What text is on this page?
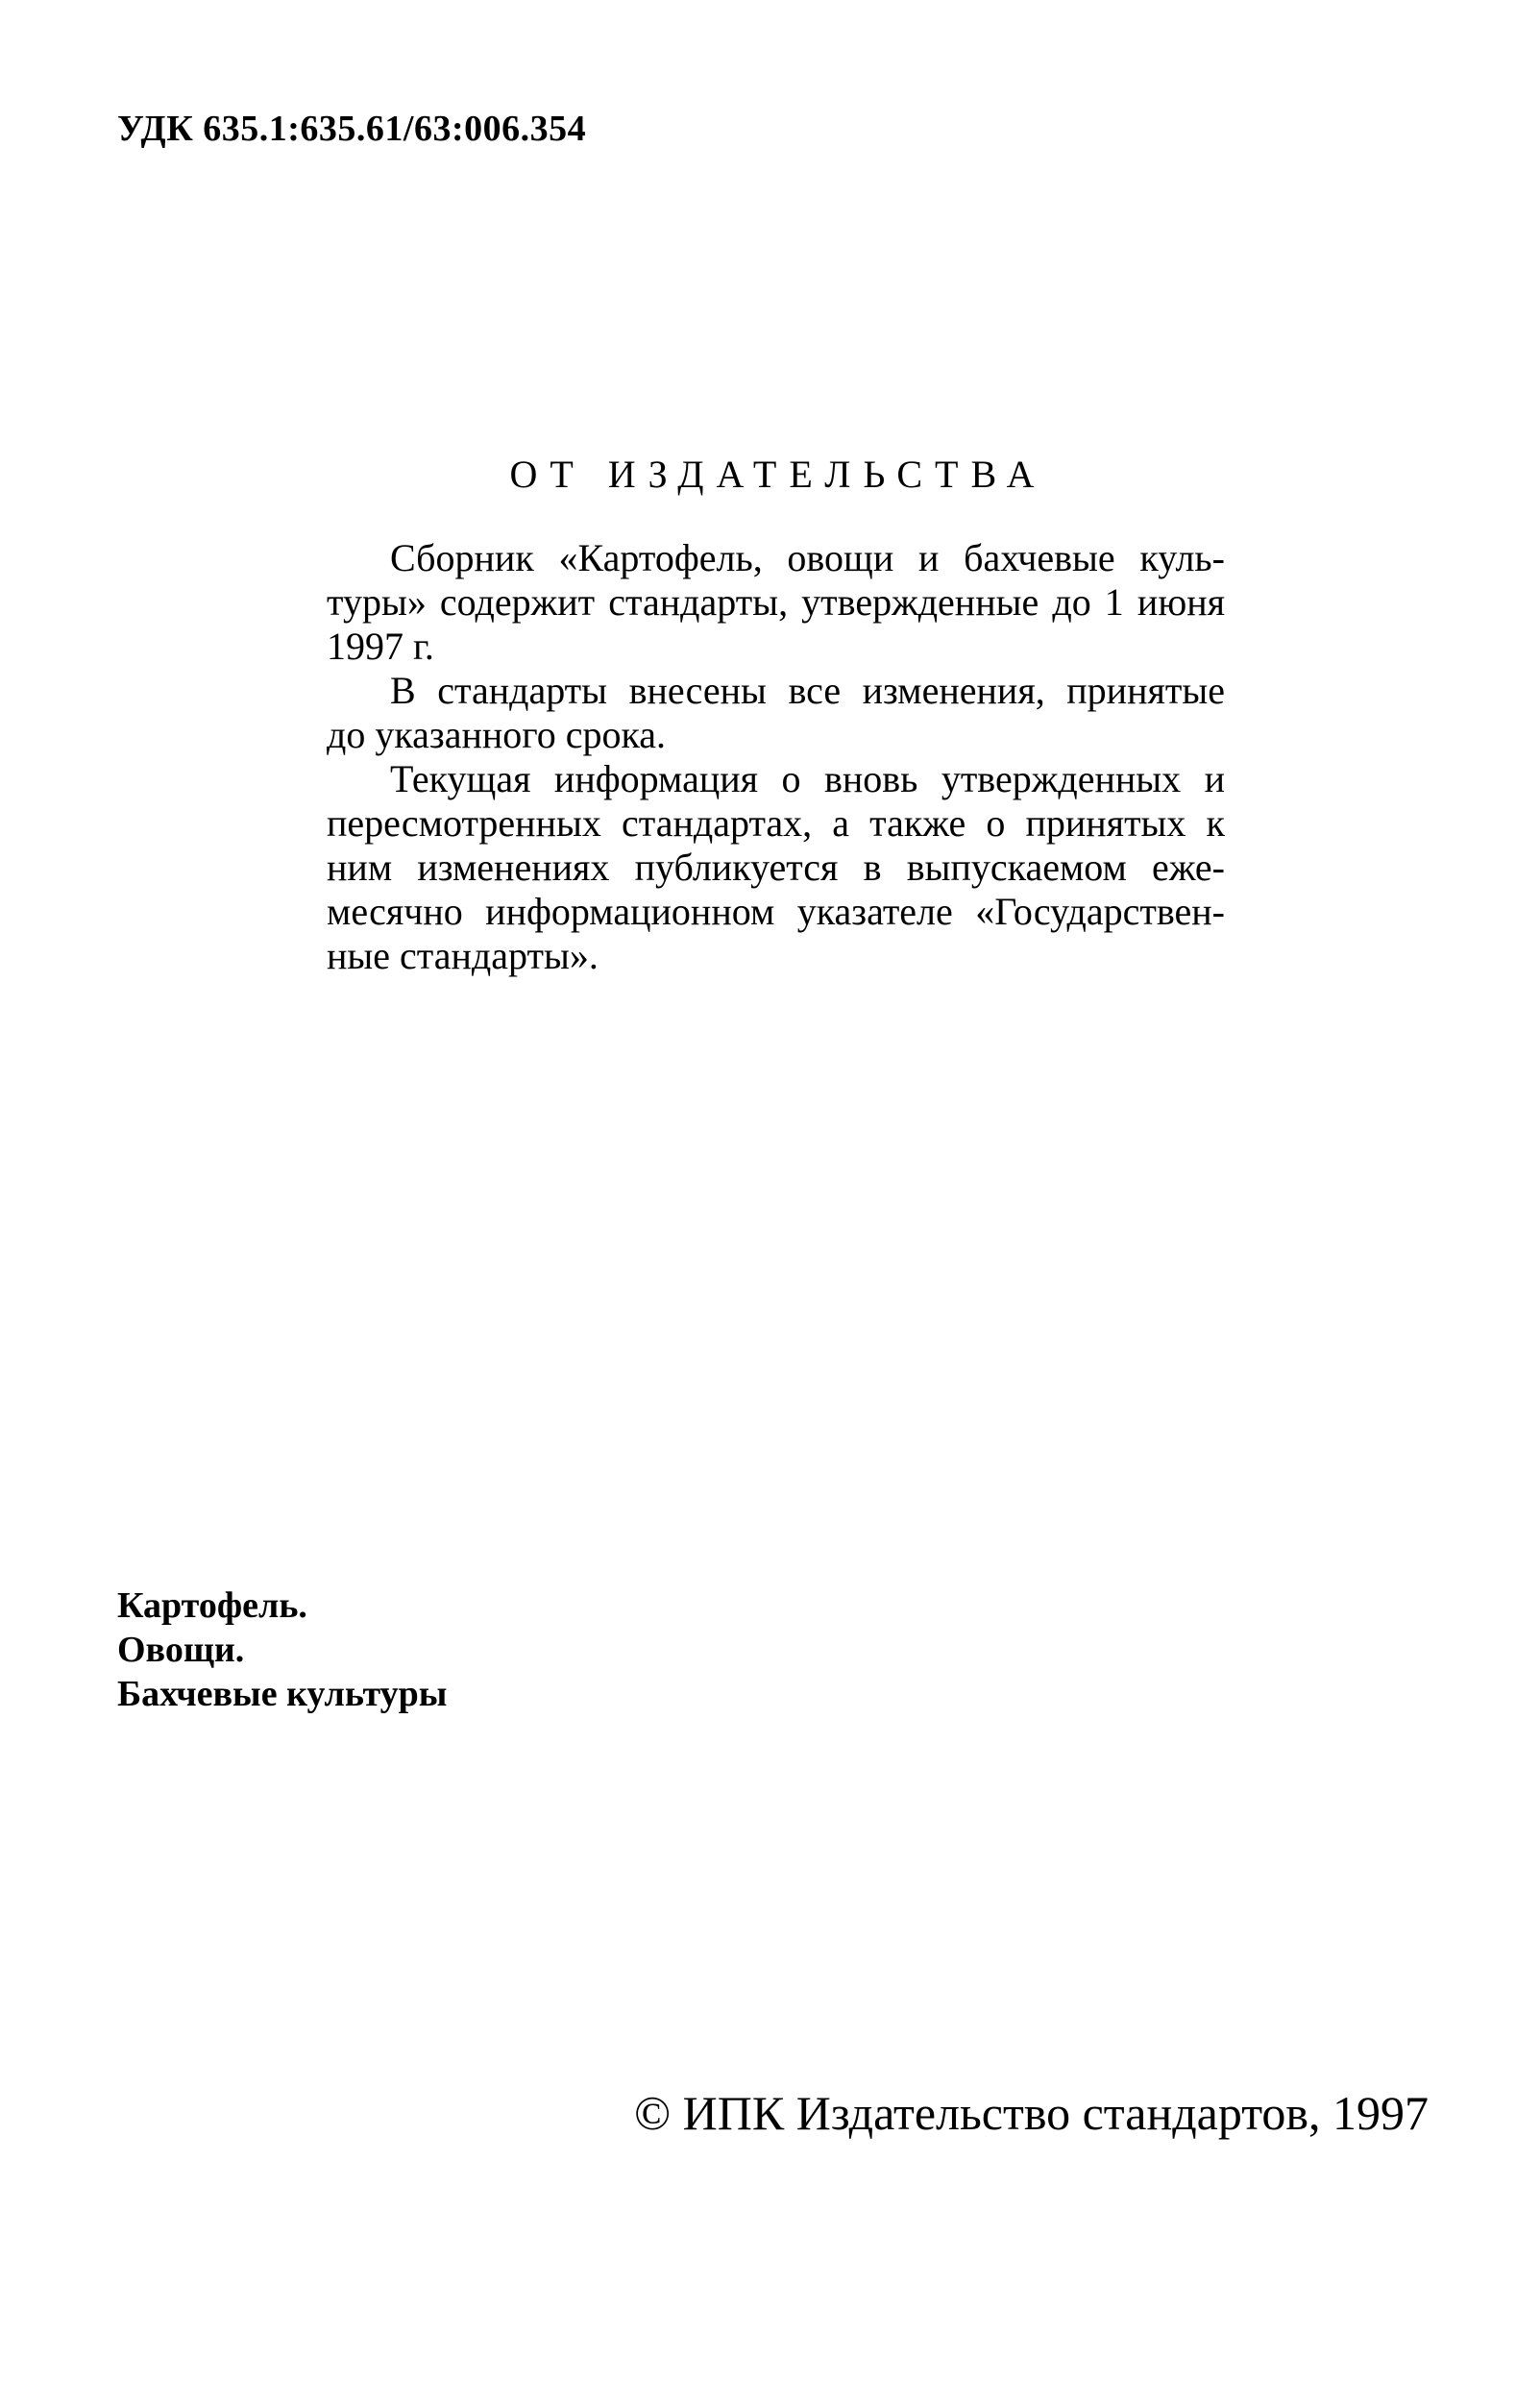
УДК 635.1:635.61/63:006.354
ОТ ИЗДАТЕЛЬСТВА
Сборник «Картофель, овощи и бахчевые куль-
туры» содержит стандарты, утвержденные до 1 июня
1997 г.
В стандарты внесены все изменения, принятые
до указанного срока.
Текущая информация о вновь утвержденных и
пересмотренных стандартах, а также о принятых к
ним изменениях публикуется в выпускаемом еже-
месячно информационном указателе «Государствен-
ные стандарты».
Картофель.
Овощи.
Бахчевые культуры
© ИПК Издательство стандартов, 1997
